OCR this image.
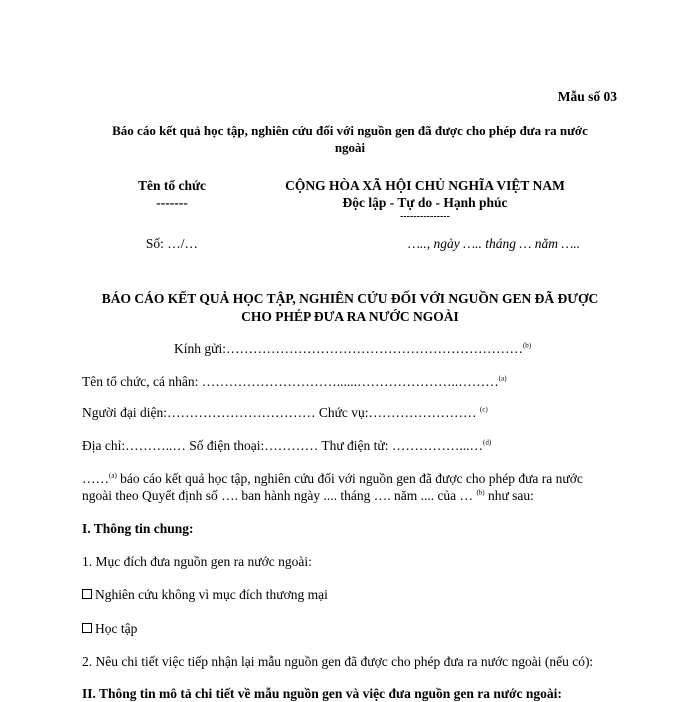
Mẫu số 03
Báo cáo kết quả học tập, nghiên cứu đối với nguồn gen đã được cho phép đưa ra nước
ngoài
Tên tổ chức
-------
CỘNG HÒA XÃ HỘI CHỦ NGHĨA VIỆT NAM
Độc lập - Tự do - Hạnh phúc
---------------
Số: …/…	….., ngày ….. tháng … năm …..
BÁO CÁO KẾT QUẢ HỌC TẬP, NGHIÊN CỨU ĐỐI VỚI NGUỒN GEN ĐÃ ĐƯỢC
CHO PHÉP ĐƯA RA NƯỚC NGOÀI
Kính gửi:…………………………………………………………$^{(b)}$
Tên tổ chức, cá nhân: …………………………......…………………..………$^{(a)}$
Người đại diện:…………………………… Chức vụ:…………………… $^{(c)}$
Địa chỉ:………..… Số điện thoại:………… Thư điện tử: ……………...…$^{(d)}$
……$^{(a)}$ báo cáo kết quả học tập, nghiên cứu đối với nguồn gen đã được cho phép đưa ra nước
ngoài theo Quyết định số …. ban hành ngày .... tháng …. năm .... của … $^{(b)}$ như sau:
I. Thông tin chung:
1. Mục đích đưa nguồn gen ra nước ngoài:
Nghiên cứu không vì mục đích thương mại
Học tập
2. Nêu chi tiết việc tiếp nhận lại mẫu nguồn gen đã được cho phép đưa ra nước ngoài (nếu có):
II. Thông tin mô tả chi tiết về mẫu nguồn gen và việc đưa nguồn gen ra nước ngoài:
